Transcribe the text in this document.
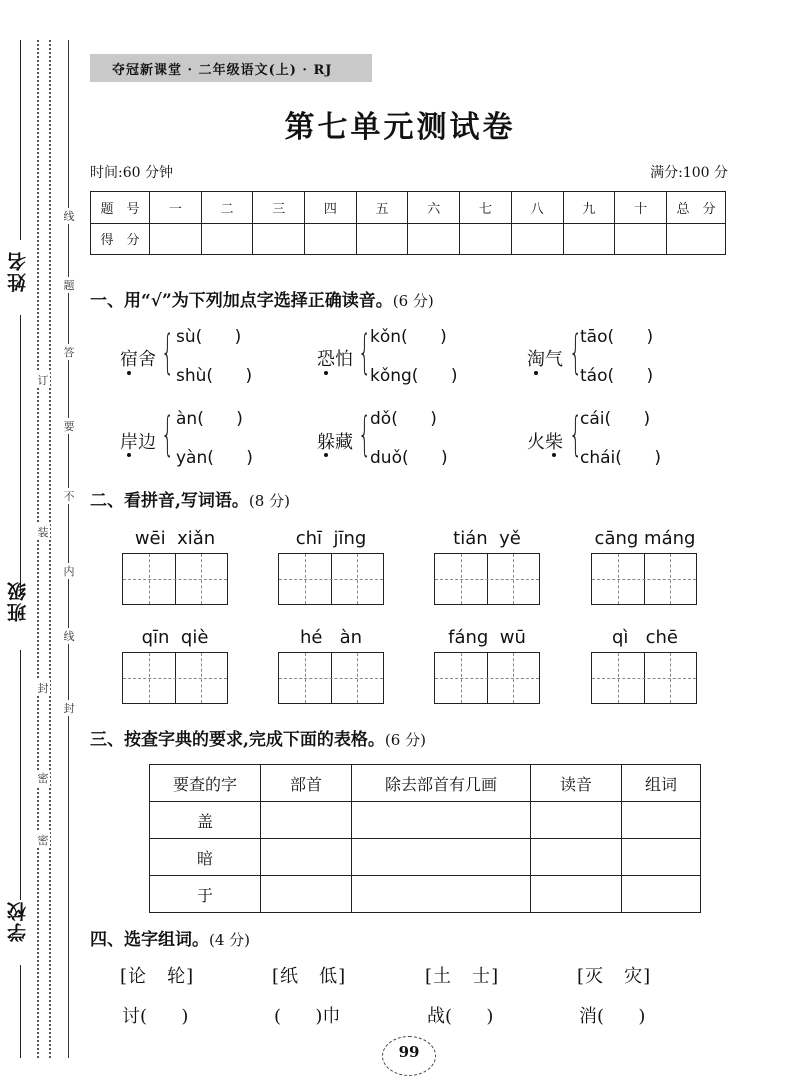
姓名
班级
学校
线
题
答
订
要
不
装
内
线
封
密
封
密
夺冠新课堂 · 二年级语文(上) · RJ
第七单元测试卷
时间:60 分钟	满分:100 分
题　号	一	二	三	四	五	六	七	八	九	十	总　分
得　分											
一、用“√”为下列加点字选择正确读音。(6 分)
宿舍 { sù(      )
shù(      )
恐怕 {
kǒn(      )
kǒng(      )
淘气 {
tāo(      )
táo(      )
岸边 { àn(      )
yàn(      )
躲藏 {
dǒ(      )
duǒ(      )
火柴 {
cái(      )
chái(      )
二、看拼音,写词语。(8 分)
wēi  xiǎn	chī  jīng	tián  yě	cāng máng
qīn  qiè	hé   àn	fáng  wū	qì   chē
三、按查字典的要求,完成下面的表格。(6 分)
要查的字	部首	除去部首有几画	读音	组词
盖				
暗				
于				
四、选字组词。(4 分)
[论   轮]
讨(      )
[纸   低]
(      )巾
[土   士]
战(      )
[灭   灾]
消(      )
99
